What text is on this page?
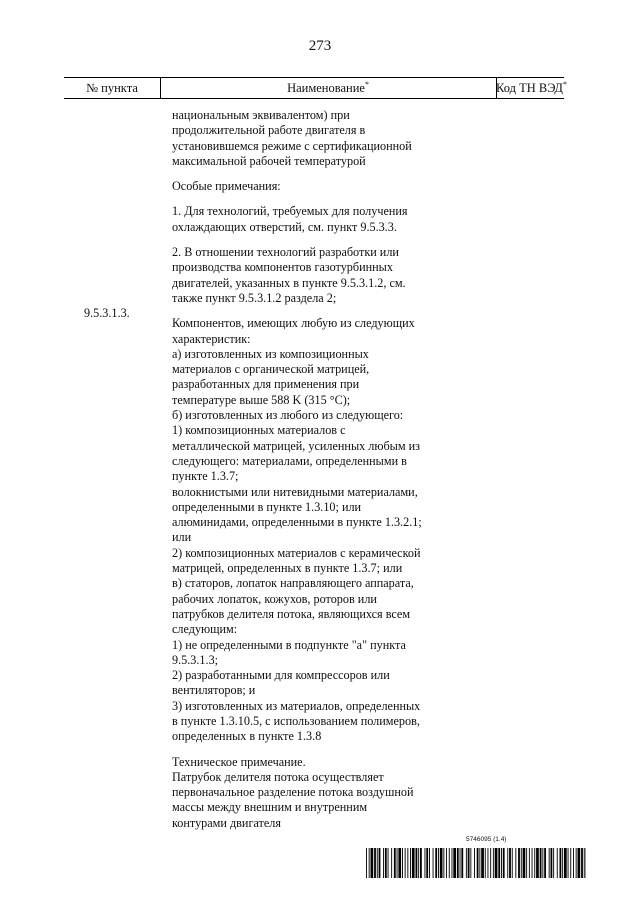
273
№ пункта	Наименование*	Код ТН ВЭД*

национальным эквивалентом) при
продолжительной работе двигателя в
установившемся режиме с сертификационной
максимальной рабочей температурой

Особые примечания:

1. Для технологий, требуемых для получения
охлаждающих отверстий, см. пункт 9.5.3.3.

2. В отношении технологий разработки или
производства компонентов газотурбинных
двигателей, указанных в пункте 9.5.3.1.2, см.
также пункт 9.5.3.1.2 раздела 2;

Компонентов, имеющих любую из следующих
характеристик:
а) изготовленных из композиционных
материалов с органической матрицей,
разработанных для применения при
температуре выше 588 K (315 °C);
б) изготовленных из любого из следующего:
1) композиционных материалов с
металлической матрицей, усиленных любым из
следующего: материалами, определенными в
пункте 1.3.7;
волокнистыми или нитевидными материалами,
определенными в пункте 1.3.10; или
алюминидами, определенными в пункте 1.3.2.1;
или
2) композиционных материалов с керамической
матрицей, определенных в пункте 1.3.7; или
в) статоров, лопаток направляющего аппарата,
рабочих лопаток, кожухов, роторов или
патрубков делителя потока, являющихся всем
следующим:
1) не определенными в подпункте "а" пункта
9.5.3.1.3;
2) разработанными для компрессоров или
вентиляторов; и
3) изготовленных из материалов, определенных
в пункте 1.3.10.5, с использованием полимеров,
определенных в пункте 1.3.8

Техническое примечание.
Патрубок делителя потока осуществляет
первоначальное разделение потока воздушной
массы между внешним и внутренним
контурами двигателя

9.5.3.1.3.
5746095 (1.4)
